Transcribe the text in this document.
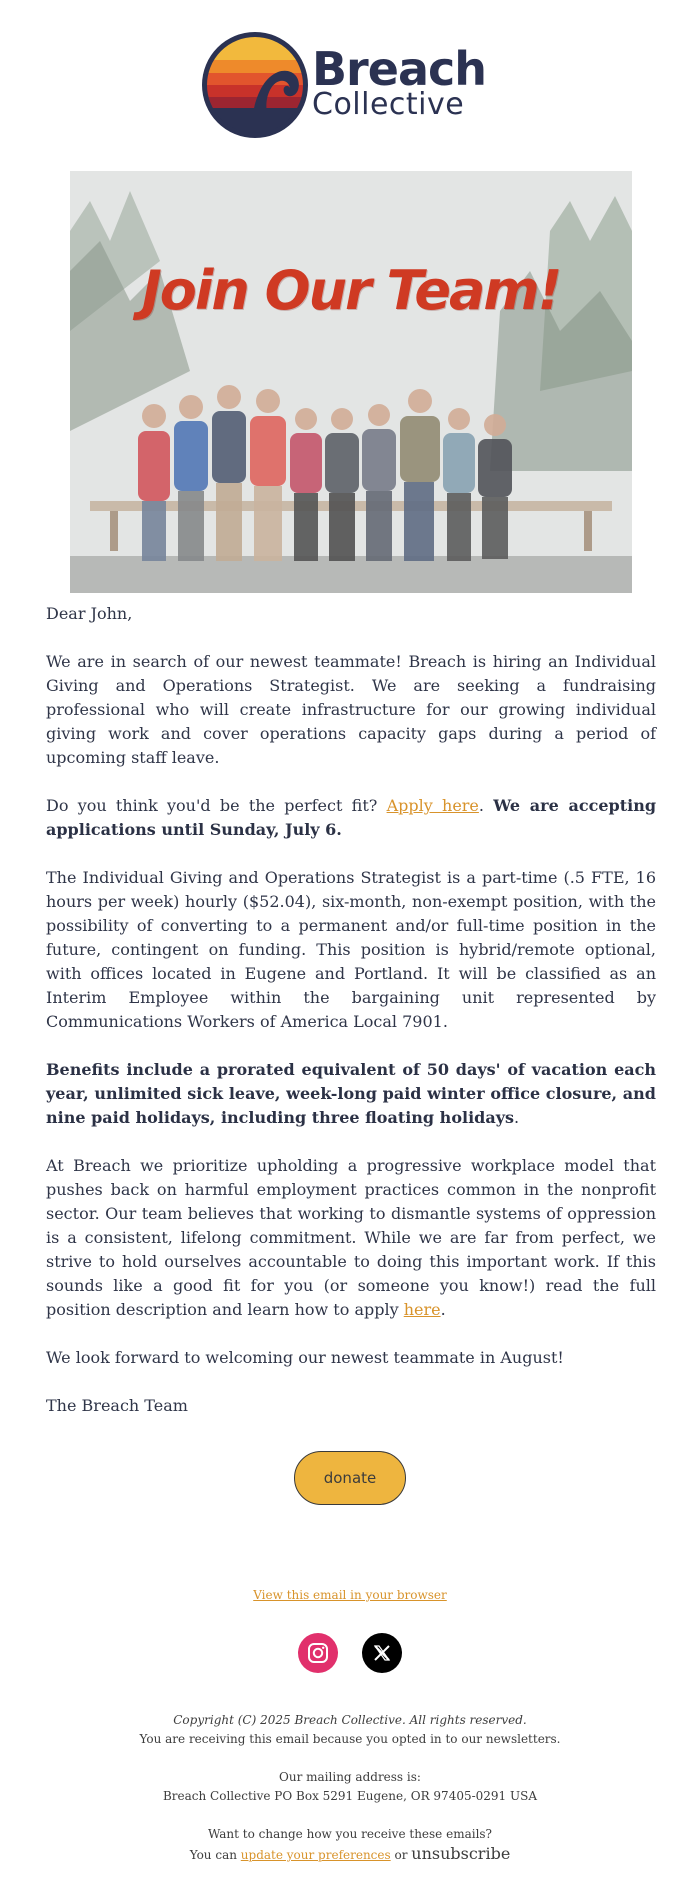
Breach
Collective
Join Our Team!

Dear John,

We are in search of our newest teammate! Breach is hiring an Individual Giving and Operations Strategist. We are seeking a fundraising professional who will create infrastructure for our growing individual giving work and cover operations capacity gaps during a period of upcoming staff leave.

Do you think you'd be the perfect fit? Apply here. We are accepting applications until Sunday, July 6.

The Individual Giving and Operations Strategist is a part-time (.5 FTE, 16 hours per week) hourly ($52.04), six-month, non-exempt position, with the possibility of converting to a permanent and/or full-time position in the future, contingent on funding. This position is hybrid/remote optional, with offices located in Eugene and Portland. It will be classified as an Interim Employee within the bargaining unit represented by Communications Workers of America Local 7901.

Benefits include a prorated equivalent of 50 days' of vacation each year, unlimited sick leave, week-long paid winter office closure, and nine paid holidays, including three floating holidays.

At Breach we prioritize upholding a progressive workplace model that pushes back on harmful employment practices common in the nonprofit sector. Our team believes that working to dismantle systems of oppression is a consistent, lifelong commitment. While we are far from perfect, we strive to hold ourselves accountable to doing this important work. If this sounds like a good fit for you (or someone you know!) read the full position description and learn how to apply here.

We look forward to welcoming our newest teammate in August!

The Breach Team

donate
View this email in your browser
Copyright (C) 2025 Breach Collective. All rights reserved.
You are receiving this email because you opted in to our newsletters.
Our mailing address is:
Breach Collective PO Box 5291 Eugene, OR 97405-0291 USA
Want to change how you receive these emails?
You can update your preferences or unsubscribe
